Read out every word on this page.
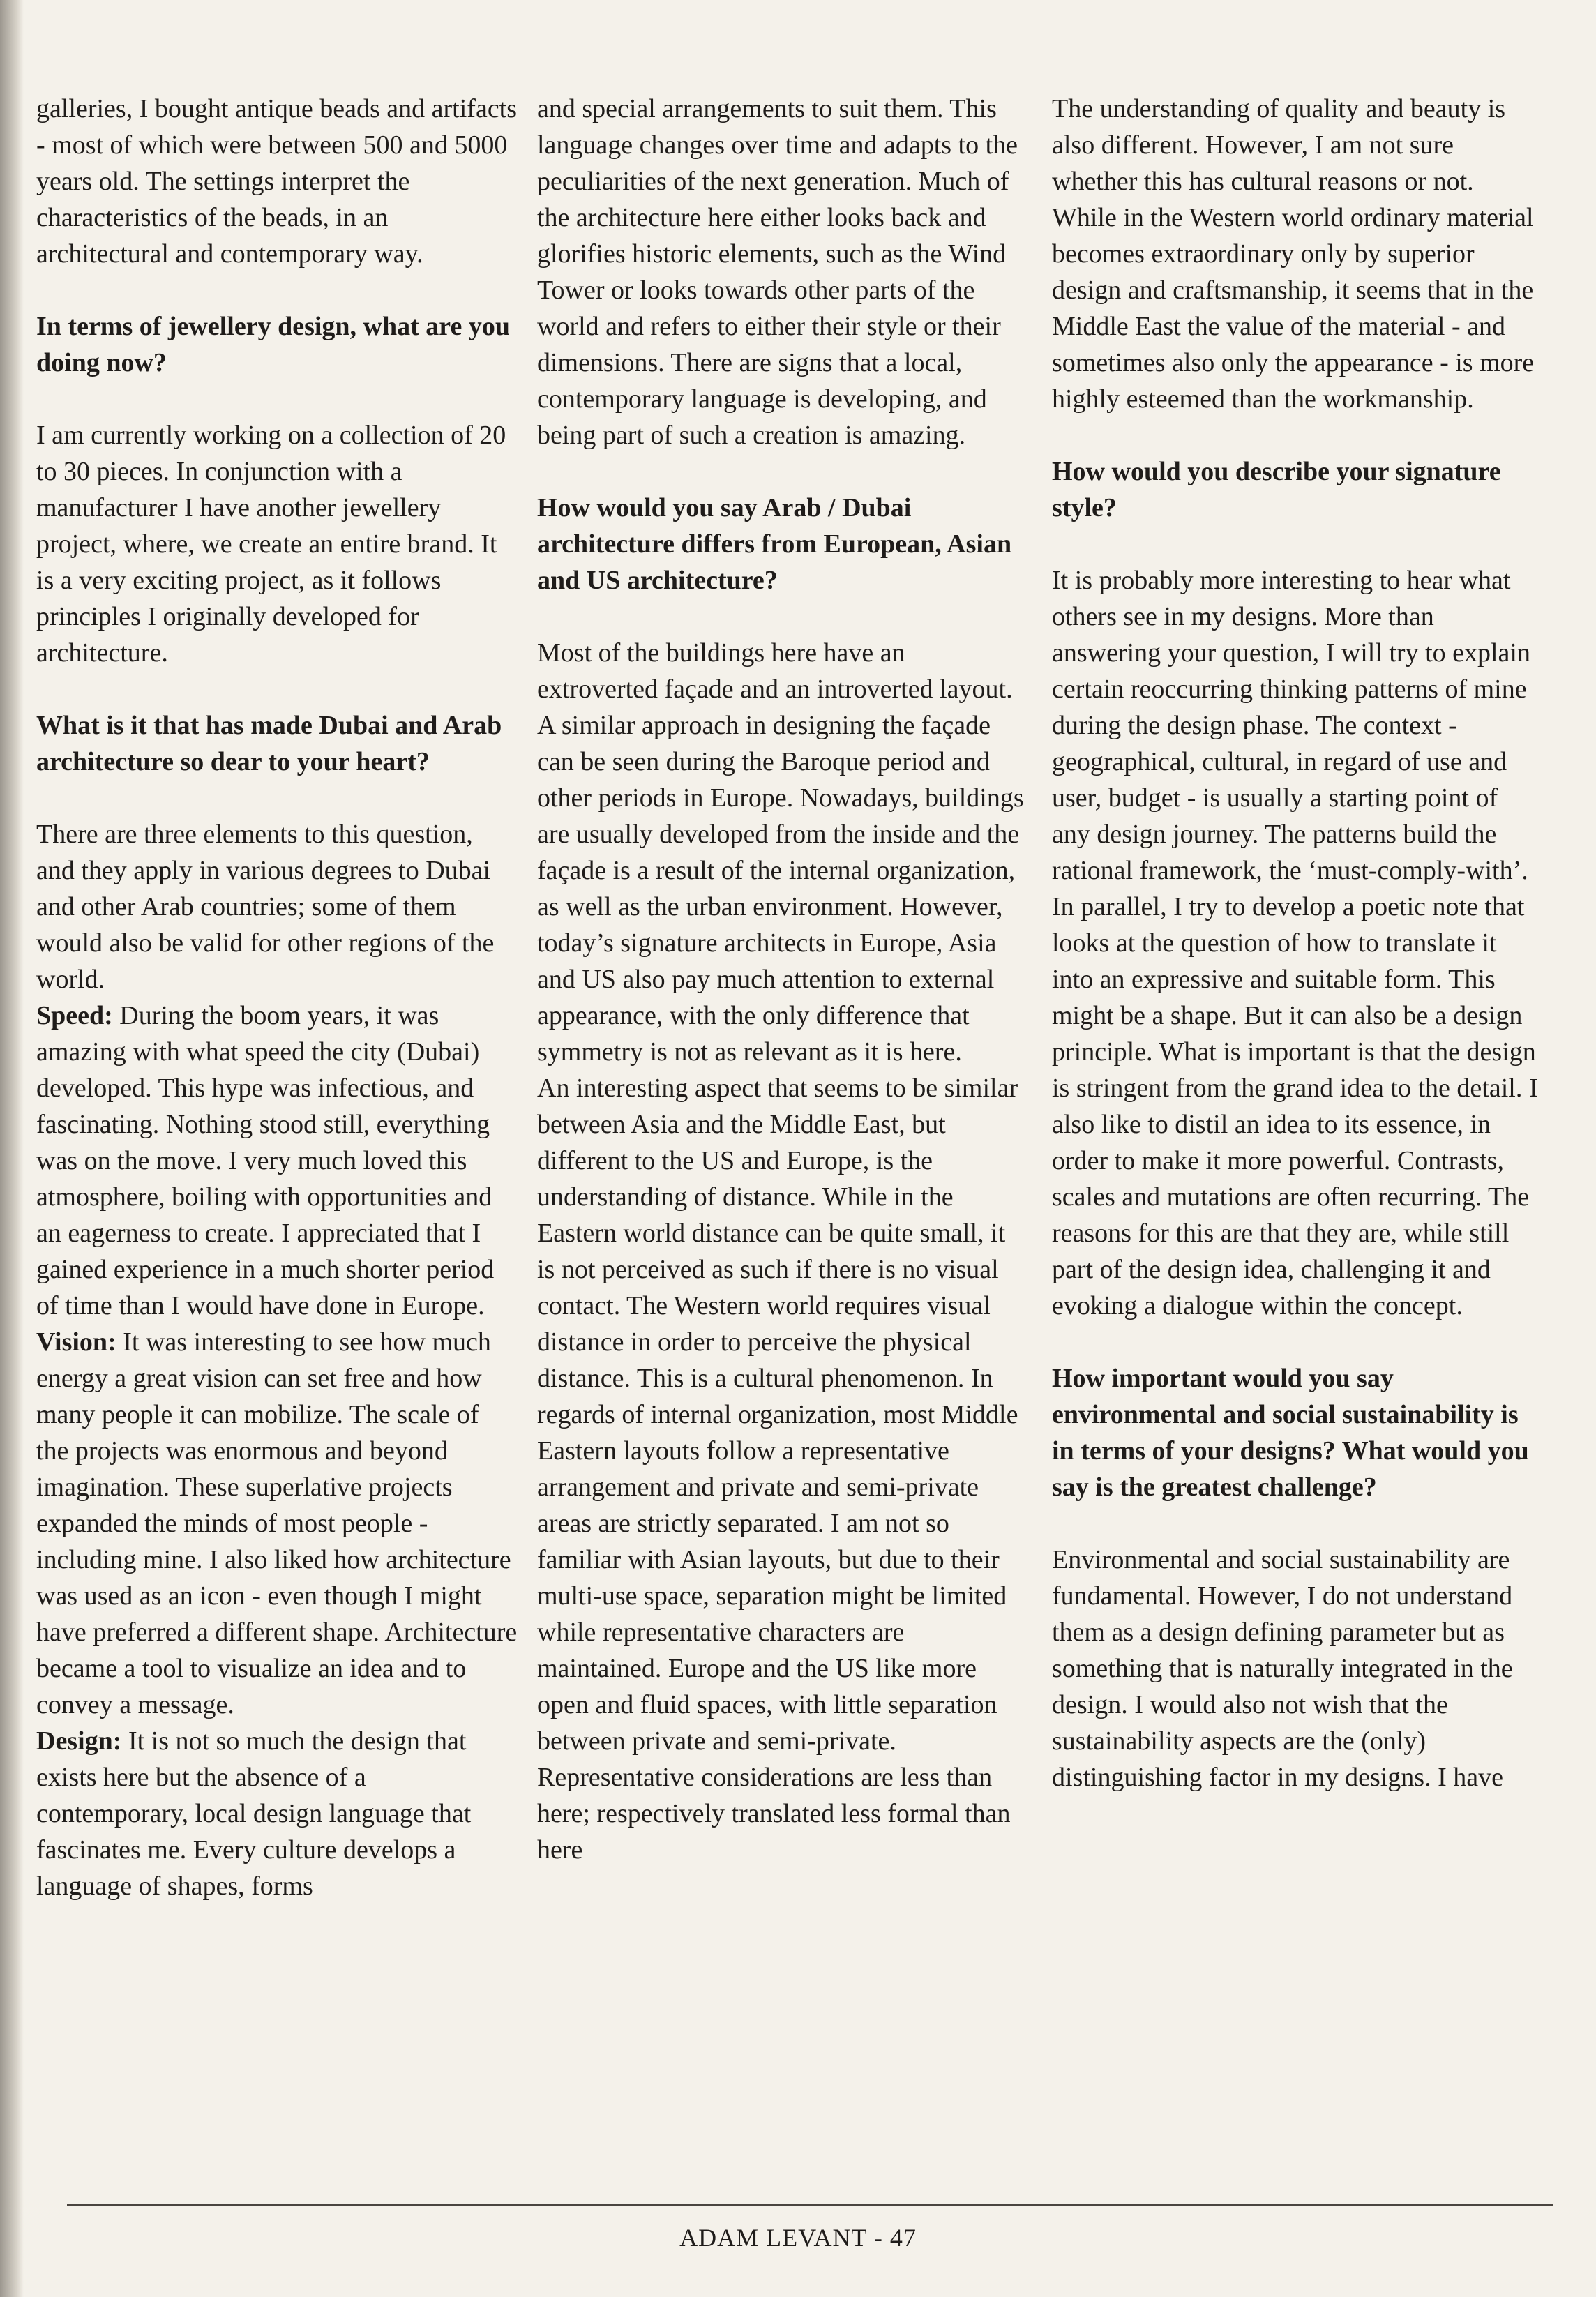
galleries, I bought antique beads and artifacts - most of which were between 500 and 5000 years old. The settings interpret the characteristics of the beads, in an architectural and contemporary way.

In terms of jewellery design, what are you doing now?

I am currently working on a collection of 20 to 30 pieces. In conjunction with a manufacturer I have another jewellery project, where, we create an entire brand. It is a very exciting project, as it follows principles I originally developed for architecture.

What is it that has made Dubai and Arab architecture so dear to your heart?

There are three elements to this question, and they apply in various degrees to Dubai and other Arab countries; some of them would also be valid for other regions of the world.

Speed: During the boom years, it was amazing with what speed the city (Dubai) developed. This hype was infectious, and fascinating. Nothing stood still, everything was on the move. I very much loved this atmosphere, boiling with opportunities and an eagerness to create. I appreciated that I gained experience in a much shorter period of time than I would have done in Europe.

Vision: It was interesting to see how much energy a great vision can set free and how many people it can mobilize. The scale of the projects was enormous and beyond imagination. These superlative projects expanded the minds of most people - including mine. I also liked how architecture was used as an icon - even though I might have preferred a different shape. Architecture became a tool to visualize an idea and to convey a message.

Design: It is not so much the design that exists here but the absence of a contemporary, local design language that fascinates me. Every culture develops a language of shapes, forms

and special arrangements to suit them. This language changes over time and adapts to the peculiarities of the next generation. Much of the architecture here either looks back and glorifies historic elements, such as the Wind Tower or looks towards other parts of the world and refers to either their style or their dimensions. There are signs that a local, contemporary language is developing, and being part of such a creation is amazing.

How would you say Arab / Dubai architecture differs from European, Asian and US architecture?

Most of the buildings here have an extroverted façade and an introverted layout. A similar approach in designing the façade can be seen during the Baroque period and other periods in Europe. Nowadays, buildings are usually developed from the inside and the façade is a result of the internal organization, as well as the urban environment. However, today’s signature architects in Europe, Asia and US also pay much attention to external appearance, with the only difference that symmetry is not as relevant as it is here.

An interesting aspect that seems to be similar between Asia and the Middle East, but different to the US and Europe, is the understanding of distance. While in the Eastern world distance can be quite small, it is not perceived as such if there is no visual contact. The Western world requires visual distance in order to perceive the physical distance. This is a cultural phenomenon. In regards of internal organization, most Middle Eastern layouts follow a representative arrangement and private and semi-private areas are strictly separated. I am not so familiar with Asian layouts, but due to their multi-use space, separation might be limited while representative characters are maintained. Europe and the US like more open and fluid spaces, with little separation between private and semi-private. Representative considerations are less than here; respectively translated less formal than here

The understanding of quality and beauty is also different. However, I am not sure whether this has cultural reasons or not. While in the Western world ordinary material becomes extraordinary only by superior design and craftsmanship, it seems that in the Middle East the value of the material - and sometimes also only the appearance - is more highly esteemed than the workmanship.

How would you describe your signature style?

It is probably more interesting to hear what others see in my designs. More than answering your question, I will try to explain certain reoccurring thinking patterns of mine during the design phase. The context - geographical, cultural, in regard of use and user, budget - is usually a starting point of any design journey. The patterns build the rational framework, the ‘must-comply-with’. In parallel, I try to develop a poetic note that looks at the question of how to translate it into an expressive and suitable form. This might be a shape. But it can also be a design principle. What is important is that the design is stringent from the grand idea to the detail. I also like to distil an idea to its essence, in order to make it more powerful. Contrasts, scales and mutations are often recurring. The reasons for this are that they are, while still part of the design idea, challenging it and evoking a dialogue within the concept.

How important would you say environmental and social sustainability is in terms of your designs? What would you say is the greatest challenge?

Environmental and social sustainability are fundamental. However, I do not understand them as a design defining parameter but as something that is naturally integrated in the design. I would also not wish that the sustainability aspects are the (only) distinguishing factor in my designs. I have

ADAM LEVANT - 47
